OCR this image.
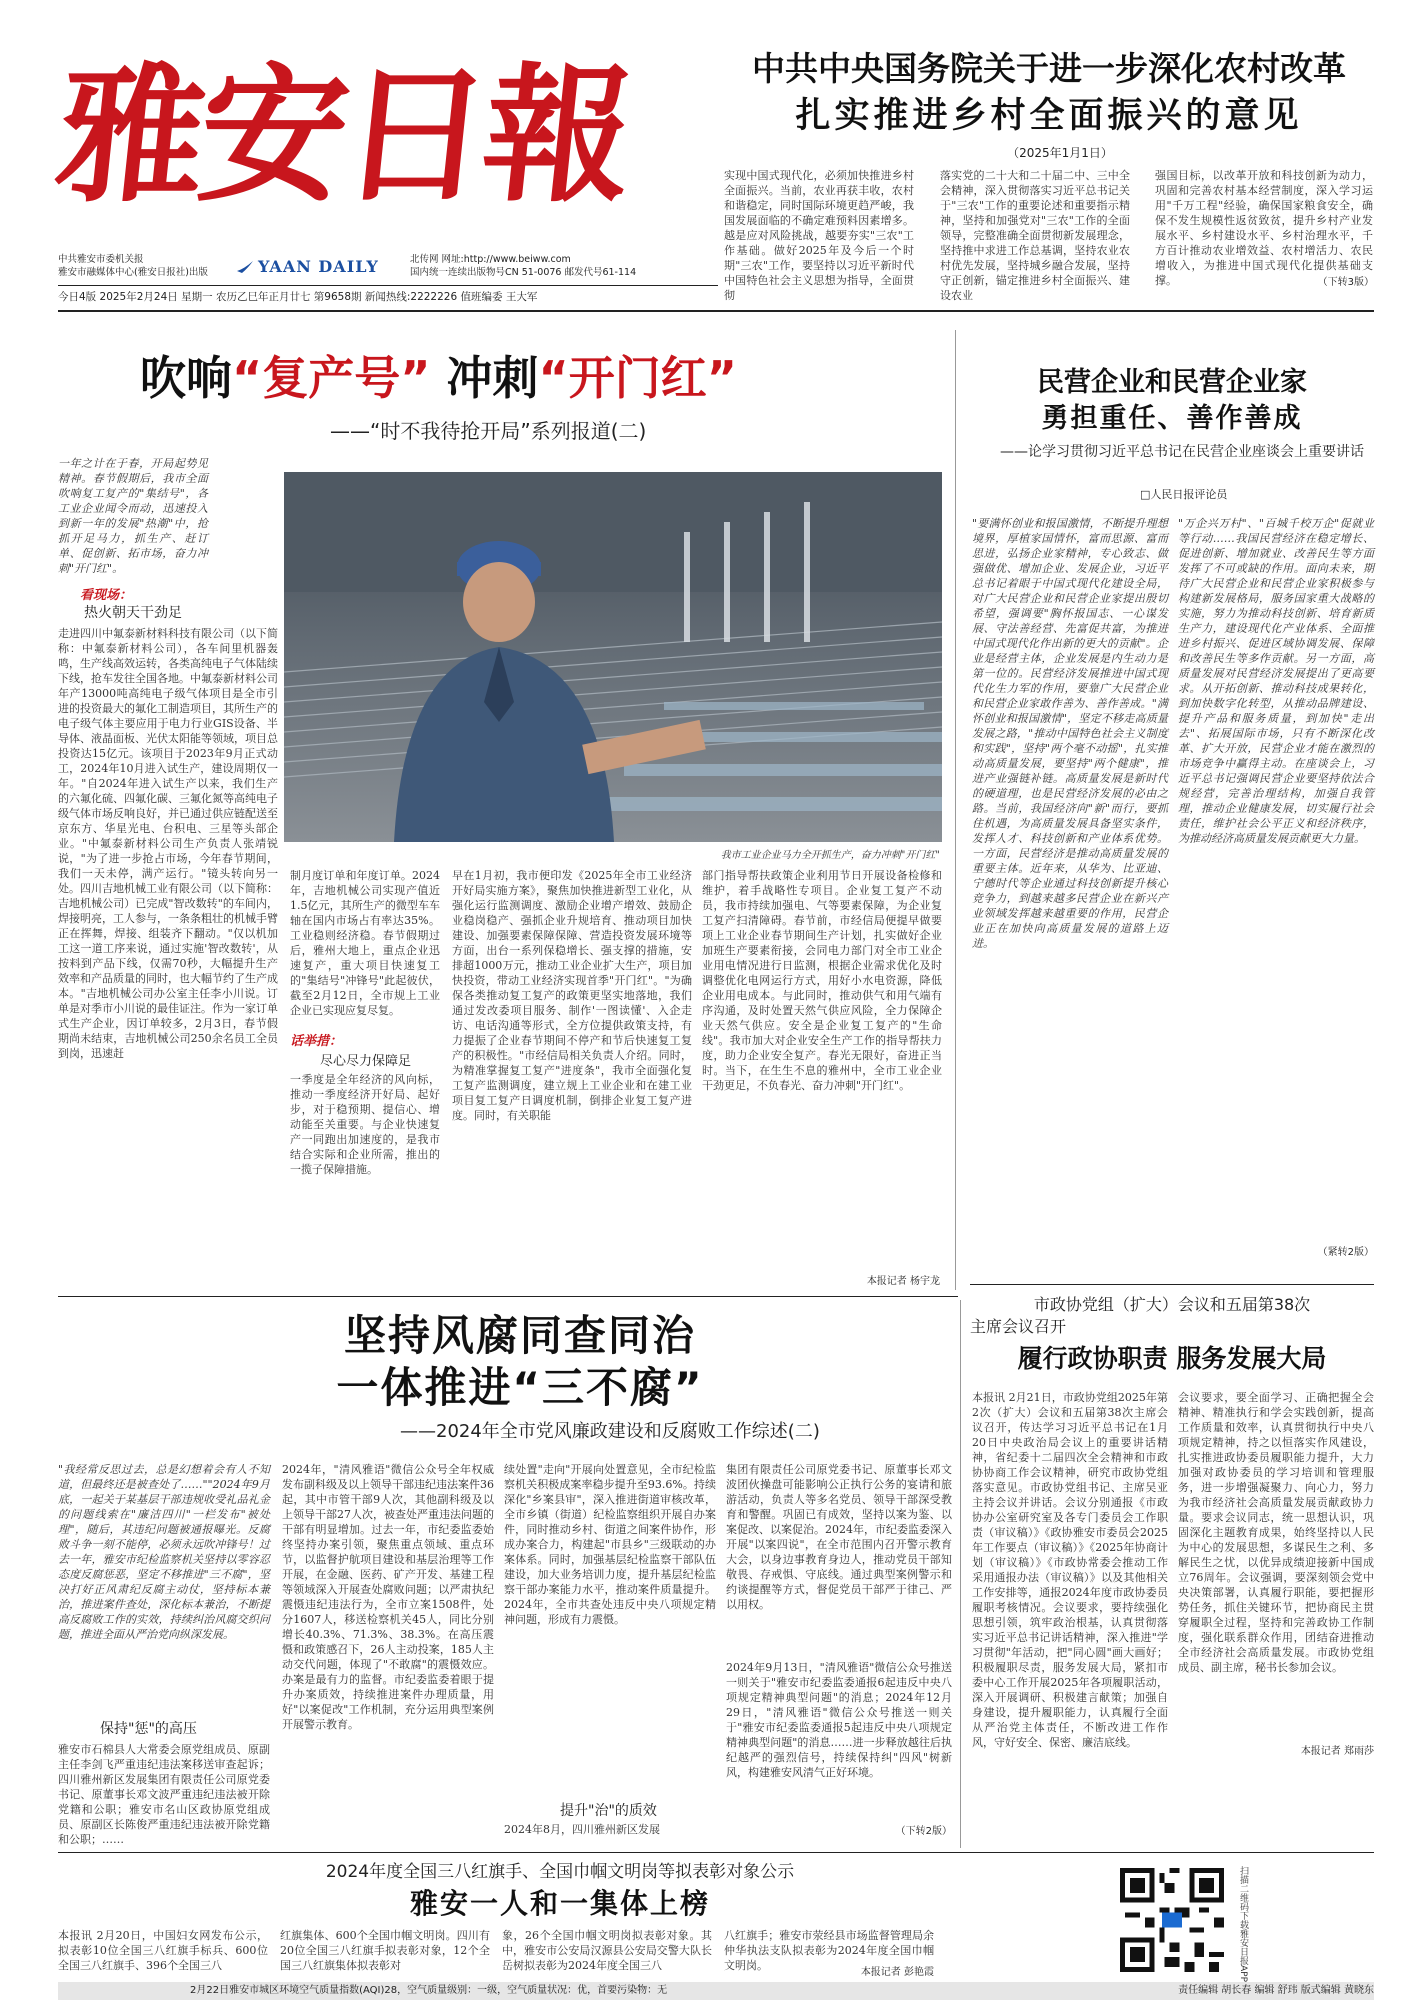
雅安日報
中共雅安市委机关报
雅安市融媒体中心(雅安日报社)出版	YAAN DAILY	北传网 网址:http://www.beiww.com
国内统一连续出版物号CN 51-0076 邮发代号61-114
今日4版 2025年2月24日 星期一 农历乙巳年正月廿七 第9658期 新闻热线:2222226 值班编委 王大军
中共中央国务院关于进一步深化农村改革
扎实推进乡村全面振兴的意见
（2025年1月1日）
实现中国式现代化，必须加快推进乡村全面振兴。当前，农业再获丰收，农村和谐稳定，同时国际环境更趋严峻，我国发展面临的不确定难预料因素增多。越是应对风险挑战，越要夯实"三农"工作基础。做好2025年及今后一个时期"三农"工作，要坚持以习近平新时代中国特色社会主义思想为指导，全面贯彻
落实党的二十大和二十届二中、三中全会精神，深入贯彻落实习近平总书记关于"三农"工作的重要论述和重要指示精神，坚持和加强党对"三农"工作的全面领导，完整准确全面贯彻新发展理念，坚持推中求进工作总基调，坚持农业农村优先发展，坚持城乡融合发展，坚持守正创新，锚定推进乡村全面振兴、建设农业
强国目标，以改革开放和科技创新为动力，巩固和完善农村基本经营制度，深入学习运用"千万工程"经验，确保国家粮食安全，确保不发生规模性返贫致贫，提升乡村产业发展水平、乡村建设水平、乡村治理水平，千方百计推动农业增效益、农村增活力、农民增收入，为推进中国式现代化提供基础支撑。	（下转3版）
吹响“复产号” 冲刺“开门红”
——“时不我待抢开局”系列报道(二)
一年之计在于春，开局起势见精神。春节假期后，我市全面吹响复工复产的"集结号"，各工业企业闻令而动，迅速投入到新一年的发展"热潮"中，抢抓开足马力，抓生产、赶订单、促创新、拓市场，奋力冲刺"开门红"。
看现场：
热火朝天干劲足
走进四川中氟泰新材料科技有限公司（以下简称：中氟泰新材料公司），各车间里机器轰鸣，生产线高效运转，各类高纯电子气体陆续下线，抢车发往全国各地。中氟泰新材料公司年产13000吨高纯电子级气体项目是全市引进的投资最大的氟化工制造项目，其所生产的电子级气体主要应用于电力行业GIS设备、半导体、液晶面板、光伏太阳能等领域，项目总投资达15亿元。该项目于2023年9月正式动工，2024年10月进入试生产，建设周期仅一年。"自2024年进入试生产以来，我们生产的六氟化硫、四氟化碳、三氟化氮等高纯电子级气体市场反响良好，并已通过供应链配送至京东方、华星光电、台积电、三星等头部企业。"中氟泰新材料公司生产负责人张靖锐说，"为了进一步抢占市场，今年春节期间，我们一天未停，满产运行。"镜头转向另一处。四川吉地机械工业有限公司（以下简称：吉地机械公司）已完成"智改数转"的车间内，焊接明亮，工人参与，一条条粗壮的机械手臂正在挥舞，焊接、组装齐下翻动。"仅以机加工这一道工序来说，通过实施'智改数转'，从按料到产品下线，仅需70秒，大幅提升生产效率和产品质量的同时，也大幅节约了生产成本。"吉地机械公司办公室主任李小川说。订单是对季市小川说的最佳证注。作为一家订单式生产企业，因订单较多，2月3日，春节假期尚未结束，吉地机械公司250余名员工全员到岗，迅速赶
我市工业企业马力全开抓生产，奋力冲刺"开门红"
制月度订单和年度订单。2024年，吉地机械公司实现产值近1.5亿元，其所生产的微型车车轴在国内市场占有率达35%。工业稳则经济稳。春节假期过后，雅州大地上，重点企业迅速复产，重大项目快速复工的"集结号"冲锋号"此起彼伏，截至2月12日，全市规上工业企业已实现应复尽复。
话举措：
尽心尽力保障足
一季度是全年经济的风向标，推动一季度经济开好局、起好步，对于稳预期、提信心、增动能至关重要。与企业快速复产一同跑出加速度的，是我市结合实际和企业所需，推出的一揽子保障措施。
早在1月初，我市便印发《2025年全市工业经济开好局实施方案》，聚焦加快推进新型工业化，从强化运行监测调度、激励企业增产增效、鼓励企业稳岗稳产、强抓企业升规培育、推动项目加快建设、加强要素保障保障、营造投资发展环境等方面，出台一系列保稳增长、强支撑的措施，安排超1000万元，推动工业企业扩大生产，项目加快投资，带动工业经济实现首季"开门红"。"为确保各类推动复工复产的政策更坚实地落地，我们通过发改委项目服务、制作'一图读懂'、入企走访、电话沟通等形式，全方位提供政策支持，有力提振了企业春节期间不停产和节后快速复工复产的积极性。"市经信局相关负责人介绍。同时，为精准掌握复工复产"进度条"，我市全面强化复工复产监测调度，建立规上工业企业和在建工业项目复工复产日调度机制，倒排企业复工复产进度。同时，有关职能
部门指导帮扶政策企业利用节日开展设备检修和维护，着手战略性专项目。企业复工复产不动员，我市持续加强电、气等要素保障，为企业复工复产扫清障碍。春节前，市经信局便提早做要项上工业企业春节期间生产计划，扎实做好企业加班生产要素衔接，会同电力部门对全市工业企业用电情况进行日监测，根据企业需求优化及时调整优化电网运行方式，用好小水电资源，降低企业用电成本。与此同时，推动供气和用气端有序沟通，及时处置天然气供应风险，全力保障企业天然气供应。安全是企业复工复产的"生命线"。我市加大对企业安全生产工作的指导帮扶力度，助力企业安全复产。春光无限好，奋进正当时。当下，在生生不息的雅州中，全市工业企业干劲更足，不负春光、奋力冲刺"开门红"。
本报记者 杨宇龙
民营企业和民营企业家
勇担重任、善作善成
——论学习贯彻习近平总书记在民营企业座谈会上重要讲话
□人民日报评论员
"要满怀创业和报国激情，不断提升理想境界，厚植家国情怀，富而思源、富而思进，弘扬企业家精神，专心致志、做强做优、增加企业、发展企业，习近平总书记着眼于中国式现代化建设全局，对广大民营企业和民营企业家提出殷切希望，强调要"胸怀报国志、一心谋发展、守法善经营、先富促共富，为推进中国式现代化作出新的更大的贡献"。企业是经营主体，企业发展是内生动力是第一位的。民营经济发展推进中国式现代化生力军的作用，要靠广大民营企业和民营企业家敢作善为、善作善成。"满怀创业和报国激情"，坚定不移走高质量发展之路，"推动中国特色社会主义制度和实践"，坚持"两个毫不动摇"，扎实推动高质量发展，要坚持"两个健康"，推进产业强链补链。高质量发展是新时代的硬道理，也是民营经济发展的必由之路。当前，我国经济向"新"而行，要抓住机遇，为高质量发展具备坚实条件，发挥人才、科技创新和产业体系优势。一方面，民营经济是推动高质量发展的重要主体。近年来，从华为、比亚迪、宁德时代等企业通过科技创新提升核心竞争力，到越来越多民营企业在新兴产业领域发挥越来越重要的作用，民营企业正在加快向高质量发展的道路上迈进。
"万企兴万村"、"百城千校万企"促就业等行动……我国民营经济在稳定增长、促进创新、增加就业、改善民生等方面发挥了不可或缺的作用。面向未来，期待广大民营企业和民营企业家积极参与构建新发展格局，服务国家重大战略的实施，努力为推动科技创新、培育新质生产力，建设现代化产业体系、全面推进乡村振兴、促进区域协调发展、保障和改善民生等多作贡献。另一方面，高质量发展对民营经济发展提出了更高要求。从开拓创新、推动科技成果转化，到加快数字化转型，从推动品牌建设、提升产品和服务质量，到加快"走出去"、拓展国际市场，只有不断深化改革、扩大开放，民营企业才能在激烈的市场竞争中赢得主动。在座谈会上，习近平总书记强调民营企业要坚持依法合规经营，完善治理结构，加强自我管理，推动企业健康发展，切实履行社会责任，维护社会公平正义和经济秩序，为推动经济高质量发展贡献更大力量。
（紧转2版）
市政协党组（扩大）会议和五届第38次
主席会议召开
履行政协职责 服务发展大局
本报讯 2月21日，市政协党组2025年第2次（扩大）会议和五届第38次主席会议召开，传达学习习近平总书记在1月20日中央政治局会议上的重要讲话精神，省纪委十二届四次全会精神和市政协协商工作会议精神，研究市政协党组落实意见。市政协党组书记、主席吴亚主持会议并讲话。会议分别通报《市政协办公室研究室及各专门委员会工作职责（审议稿）》《政协雅安市委员会2025年工作要点（审议稿）》《2025年协商计划（审议稿）》《市政协常委会推动工作采用通报办法（审议稿）》以及其他相关工作安排等，通报2024年度市政协委员履职考核情况。会议要求，要持续强化思想引领，筑牢政治根基，认真贯彻落实习近平总书记讲话精神，深入推进"学习贯彻"年活动，把"同心圆"画大画好；积极履职尽责，服务发展大局，紧扣市委中心工作开展2025年各项履职活动，深入开展调研、积极建言献策；加强自身建设，提升履职能力，认真履行全面从严治党主体责任，不断改进工作作风，守好安全、保密、廉洁底线。
会议要求，要全面学习、正确把握全会精神、精准执行和学会实践创新，提高工作质量和效率，认真贯彻执行中央八项规定精神，持之以恒落实作风建设，扎实推进政协委员履职能力提升，大力加强对政协委员的学习培训和管理服务，进一步增强凝聚力、向心力，努力为我市经济社会高质量发展贡献政协力量。要求会议同志，统一思想认识，巩固深化主题教育成果，始终坚持以人民为中心的发展思想，多谋民生之利、多解民生之忧，以优异成绩迎接新中国成立76周年。会议强调，要深刻领会党中央决策部署，认真履行职能，要把握形势任务，抓住关键环节，把协商民主贯穿履职全过程，坚持和完善政协工作制度，强化联系群众作用，团结奋进推动全市经济社会高质量发展。市政协党组成员、副主席，秘书长参加会议。
本报记者 郑雨莎
坚持风腐同查同治
一体推进“三不腐”
——2024年全市党风廉政建设和反腐败工作综述(二)
"我经常反思过去，总是幻想着会有人不知道，但最终还是被查处了……""2024年9月底，一起关于某基层干部违规收受礼品礼金的问题线索在"廉洁四川"一栏发布"被处理"，随后，其违纪问题被通报曝光。反腐败斗争一刻不能停，必须永远吹冲锋号！过去一年，雅安市纪检监察机关坚持以零容忍态度反腐惩恶，坚定不移推进"三不腐"，坚决打好正风肃纪反腐主动仗，坚持标本兼治，推进案件查处，深化标本兼治，不断提高反腐败工作的实效，持续纠治风腐交织问题，推进全面从严治党向纵深发展。
保持"惩"的高压
雅安市石棉县人大常委会原党组成员、原副主任李剑飞严重违纪违法案移送审查起诉；四川雅州新区发展集团有限责任公司原党委书记、原董事长邓文波严重违纪违法被开除党籍和公职；雅安市名山区政协原党组成员、原副区长陈俊严重违纪违法被开除党籍和公职；……
2024年，"清风雅语"微信公众号全年权威发布副科级及以上领导干部违纪违法案件36起，其中市管干部9人次，其他副科级及以上领导干部27人次，被查处严重违法问题的干部有明显增加。过去一年，市纪委监委始终坚持办案引领，聚焦重点领域、重点环节，以监督护航项目建设和基层治理等工作开展，在金融、医药、矿产开发、基建工程等领域深入开展查处腐败问题；以严肃执纪震慑违纪违法行为，全市立案1508件，处分1607人，移送检察机关45人，同比分别增长40.3%、71.3%、38.3%。在高压震慑和政策感召下，26人主动投案，185人主动交代问题，体现了"不敢腐"的震慑效应。办案是最有力的监督。市纪委监委着眼于提升办案质效，持续推进案件办理质量，用好"以案促改"工作机制，充分运用典型案例开展警示教育。
续处置"走向"开展向处置意见，全市纪检监察机关积极成案率稳步提升至93.6%。持续深化"乡案县审"，深入推进街道审核改革，全市乡镇（街道）纪检监察组织开展自办案件，同时推动乡村、街道之间案件协作，形成办案合力，构建起"市县乡"三级联动的办案体系。同时，加强基层纪检监察干部队伍建设，加大业务培训力度，提升基层纪检监察干部办案能力水平，推动案件质量提升。2024年，全市共查处违反中央八项规定精神问题，形成有力震慑。
集团有限责任公司原党委书记、原董事长邓文波团伙操盘可能影响公正执行公务的宴请和旅游活动，负责人等多名党员、领导干部深受教育和警醒。巩固已有成效，坚持以案为鉴、以案促改、以案促治。2024年，市纪委监委深入开展"以案四说"，在全市范围内召开警示教育大会，以身边事教育身边人，推动党员干部知敬畏、存戒惧、守底线。通过典型案例警示和约谈提醒等方式，督促党员干部严于律己、严以用权。
提升"治"的质效
2024年9月13日，"清风雅语"微信公众号推送一则关于"雅安市纪委监委通报6起违反中央八项规定精神典型问题"的消息；2024年12月29日，"清风雅语"微信公众号推送一则关于"雅安市纪委监委通报5起违反中央八项规定精神典型问题"的消息……进一步释放越往后执纪越严的强烈信号，持续保持纠"四风"树新风，构建雅安风清气正好环境。
2024年8月，四川雅州新区发展	（下转2版）
2024年度全国三八红旗手、全国巾帼文明岗等拟表彰对象公示
雅安一人和一集体上榜
本报讯 2月20日，中国妇女网发布公示，拟表彰10位全国三八红旗手标兵、600位全国三八红旗手、396个全国三八
红旗集体、600个全国巾帼文明岗。四川有20位全国三八红旗手拟表彰对象，12个全国三八红旗集体拟表彰对
象，26个全国巾帼文明岗拟表彰对象。其中，雅安市公安局汉源县公安局交警大队长岳树拟表彰为2024年度全国三八
八红旗手；雅安市荥经县市场监督管理局余仲华执法支队拟表彰为2024年度全国巾帼文明岗。
本报记者 彭艳霞	扫描二维码下载雅安日报APP
2月22日雅安市城区环境空气质量指数(AQI)28，空气质量级别：一级，空气质量状况：优，首要污染物：无	责任编辑 胡长春 编辑 舒玮 版式编辑 黄晓东
